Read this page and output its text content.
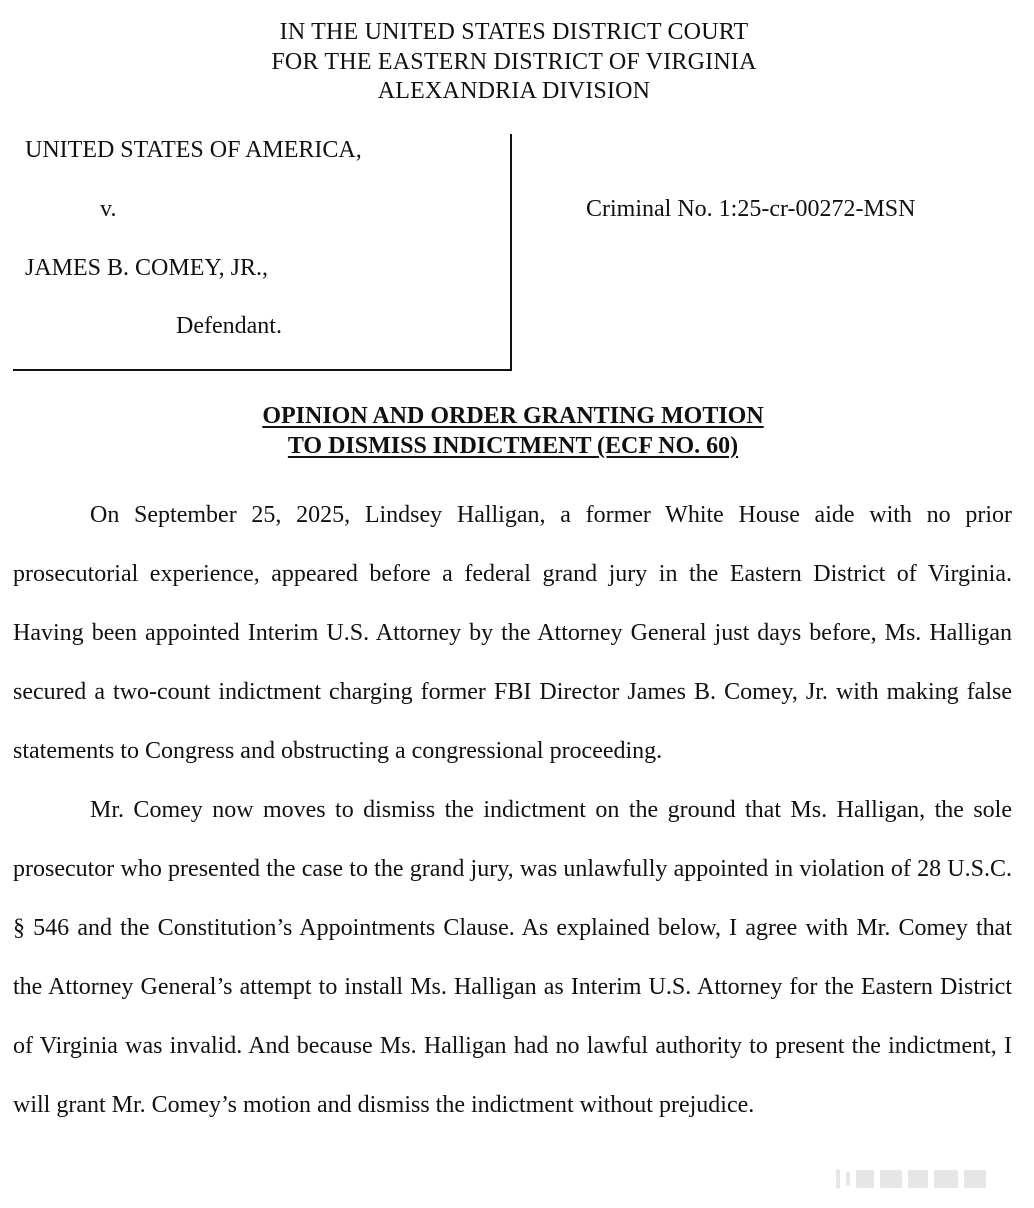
IN THE UNITED STATES DISTRICT COURT
FOR THE EASTERN DISTRICT OF VIRGINIA
ALEXANDRIA DIVISION
UNITED STATES OF AMERICA,
v.
JAMES B. COMEY, JR.,
Defendant.
Criminal No. 1:25-cr-00272-MSN
OPINION AND ORDER GRANTING MOTION
TO DISMISS INDICTMENT (ECF NO. 60)

On September 25, 2025, Lindsey Halligan, a former White House aide with no prior prosecutorial experience, appeared before a federal grand jury in the Eastern District of Virginia. Having been appointed Interim U.S. Attorney by the Attorney General just days before, Ms. Halligan secured a two-count indictment charging former FBI Director James B. Comey, Jr. with making false statements to Congress and obstructing a congressional proceeding.

Mr. Comey now moves to dismiss the indictment on the ground that Ms. Halligan, the sole prosecutor who presented the case to the grand jury, was unlawfully appointed in violation of 28 U.S.C. § 546 and the Constitution’s Appointments Clause. As explained below, I agree with Mr. Comey that the Attorney General’s attempt to install Ms. Halligan as Interim U.S. Attorney for the Eastern District of Virginia was invalid. And because Ms. Halligan had no lawful authority to present the indictment, I will grant Mr. Comey’s motion and dismiss the indictment without prejudice.
